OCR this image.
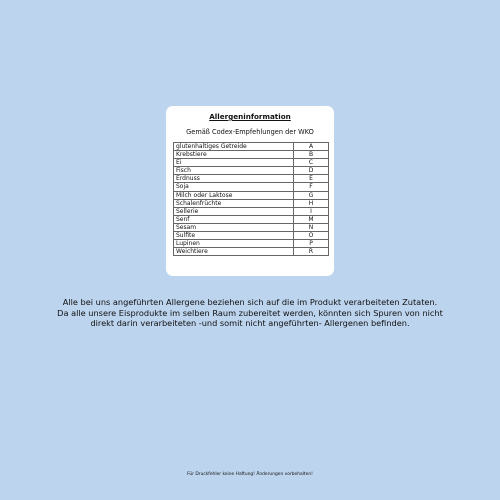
Allergeninformation
Gemäß Codex-Empfehlungen der WKO
glutenhaltiges Getreide	A
Krebstiere	B
Ei	C
Fisch	D
Erdnuss	E
Soja	F
Milch oder Laktose	G
Schalenfrüchte	H
Sellerie	I
Senf	M
Sesam	N
Sulfite	O
Lupinen	P
Weichtiere	R

Alle bei uns angeführten Allergene beziehen sich auf die im Produkt verarbeiteten Zutaten.

Da alle unsere Eisprodukte im selben Raum zubereitet werden, könnten sich Spuren von nicht

direkt darin verarbeiteten -und somit nicht angeführten- Allergenen befinden.

Für Druckfehler keine Haftung! Änderungen vorbehalten!
